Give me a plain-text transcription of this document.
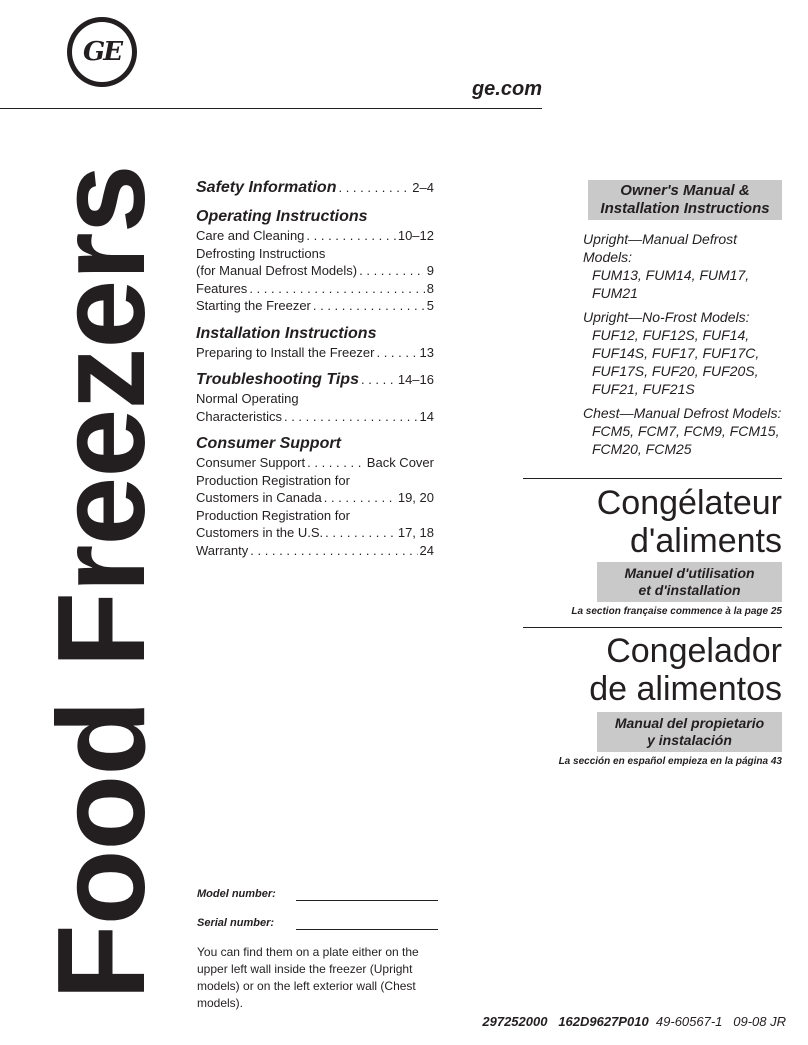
GE
ge.com
Food Freezers Safety Information . . .	2–4
Operating Instructions
Care and Cleaning . . .	10–12
Defrosting Instructions
(for Manual Defrost Models) . . .	9
Features . . .	8
Starting the Freezer . . .	5
Installation Instructions
Preparing to Install the Freezer . . .	13
Troubleshooting Tips . . .	14–16
Normal Operating
Characteristics . . .	14
Consumer Support
Consumer Support . . .	Back Cover
Production Registration for
Customers in Canada . . .	19, 20
Production Registration for
Customers in the U.S. . . .	17, 18
Warranty . . .	24
Owner's Manual &
Installation Instructions
Upright—Manual Defrost
Models:
FUM13, FUM14, FUM17,
FUM21
Upright—No-Frost Models:
FUF12, FUF12S, FUF14,
FUF14S, FUF17, FUF17C,
FUF17S, FUF20, FUF20S,
FUF21, FUF21S
Chest—Manual Defrost Models:
FCM5, FCM7, FCM9, FCM15,
FCM20, FCM25
Congélateur
d'aliments
Manuel d'utilisation
et d'installation
La section française commence à la page 25
Congelador
de alimentos
Manual del propietario
y instalación
La sección en español empieza en la página 43
Model number:
Serial number:
You can find them on a plate either on the upper left wall inside the freezer (Upright models) or on the left exterior wall (Chest models).
297252000 162D9627P010 49-60567-1 09-08 JR
